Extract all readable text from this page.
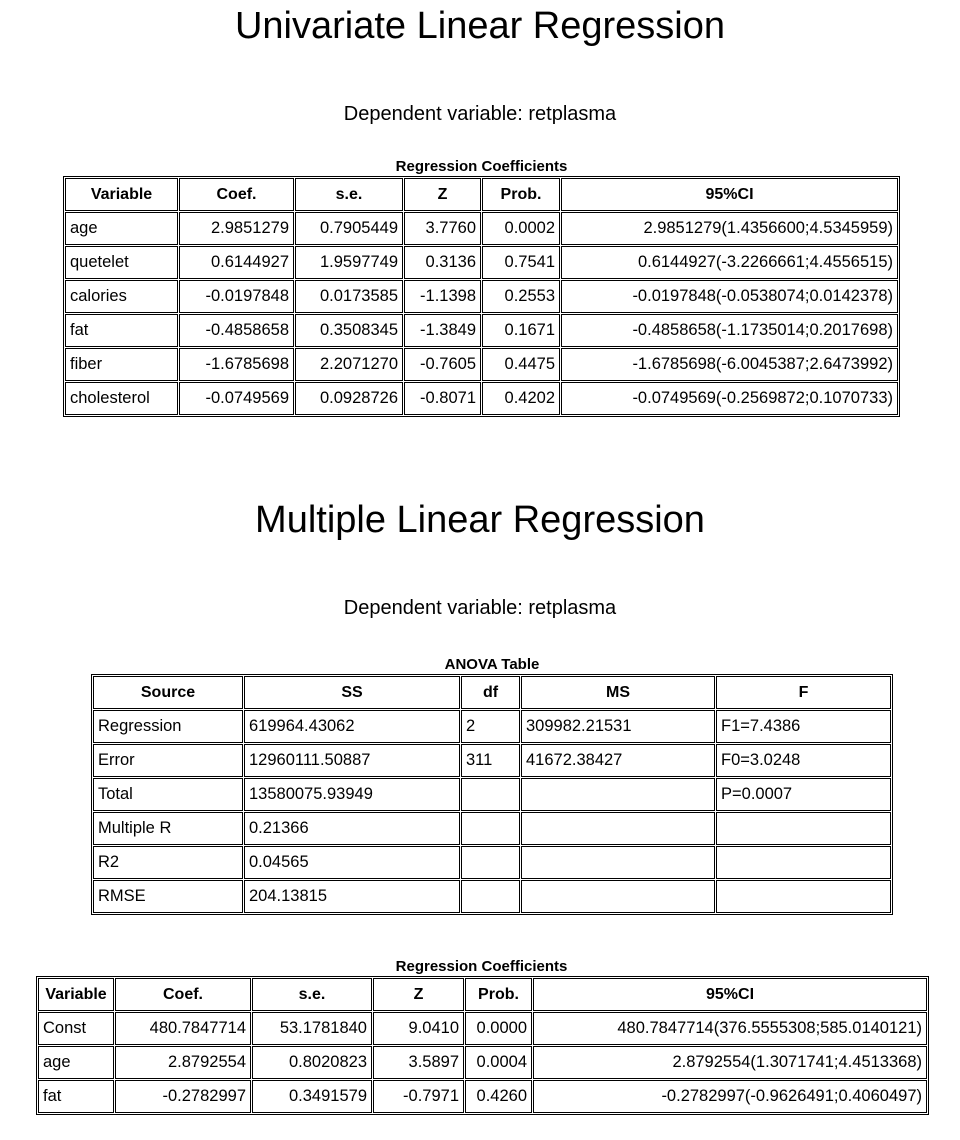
Univariate Linear Regression
Dependent variable: retplasma
Regression Coefficients
Variable	Coef.	s.e.	Z	Prob.	95%CI
age	2.9851279	0.7905449	3.7760	0.0002	2.9851279(1.4356600;4.5345959)
quetelet	0.6144927	1.9597749	0.3136	0.7541	0.6144927(-3.2266661;4.4556515)
calories	-0.0197848	0.0173585	-1.1398	0.2553	-0.0197848(-0.0538074;0.0142378)
fat	-0.4858658	0.3508345	-1.3849	0.1671	-0.4858658(-1.1735014;0.2017698)
fiber	-1.6785698	2.2071270	-0.7605	0.4475	-1.6785698(-6.0045387;2.6473992)
cholesterol	-0.0749569	0.0928726	-0.8071	0.4202	-0.0749569(-0.2569872;0.1070733)
Multiple Linear Regression
Dependent variable: retplasma
ANOVA Table
Source	SS	df	MS	F
Regression	619964.43062	2	309982.21531	F1=7.4386
Error	12960111.50887	311	41672.38427	F0=3.0248
Total	13580075.93949			P=0.0007
Multiple R	0.21366			
R2	0.04565			
RMSE	204.13815			
Regression Coefficients
Variable	Coef.	s.e.	Z	Prob.	95%CI
Const	480.7847714	53.1781840	9.0410	0.0000	480.7847714(376.5555308;585.0140121)
age	2.8792554	0.8020823	3.5897	0.0004	2.8792554(1.3071741;4.4513368)
fat	-0.2782997	0.3491579	-0.7971	0.4260	-0.2782997(-0.9626491;0.4060497)
